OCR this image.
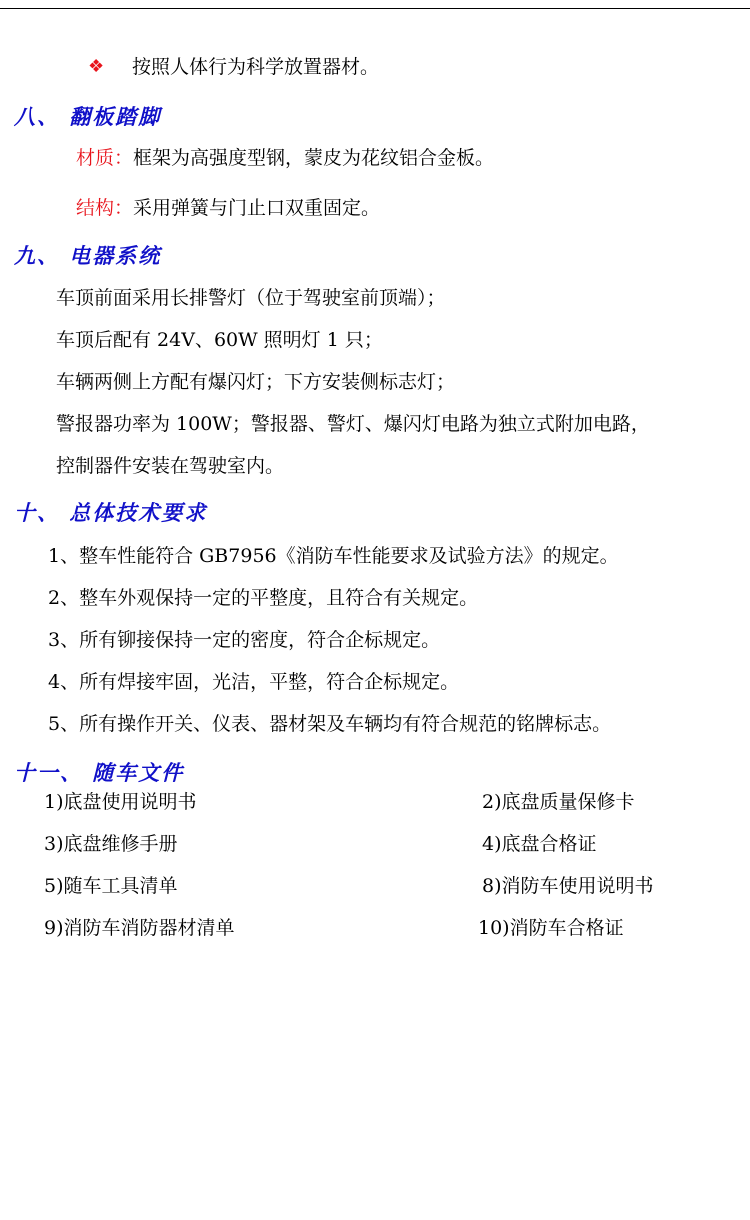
❖ 按照人体行为科学放置器材。
八、 翻板踏脚
材质：框架为高强度型钢，蒙皮为花纹铝合金板。
结构：采用弹簧与门止口双重固定。
九、 电器系统
车顶前面采用长排警灯（位于驾驶室前顶端）；
车顶后配有 24V、60W 照明灯 1 只；
车辆两侧上方配有爆闪灯；下方安装侧标志灯；
警报器功率为 100W；警报器、警灯、爆闪灯电路为独立式附加电路，
控制器件安装在驾驶室内。
十、 总体技术要求
1、整车性能符合 GB7956《消防车性能要求及试验方法》的规定。
2、整车外观保持一定的平整度，且符合有关规定。
3、所有铆接保持一定的密度，符合企标规定。
4、所有焊接牢固，光洁，平整，符合企标规定。
5、所有操作开关、仪表、器材架及车辆均有符合规范的铭牌标志。
十一、 随车文件
1)底盘使用说明书	2)底盘质量保修卡
3)底盘维修手册	4)底盘合格证
5)随车工具清单	8)消防车使用说明书
9)消防车消防器材清单	10)消防车合格证
